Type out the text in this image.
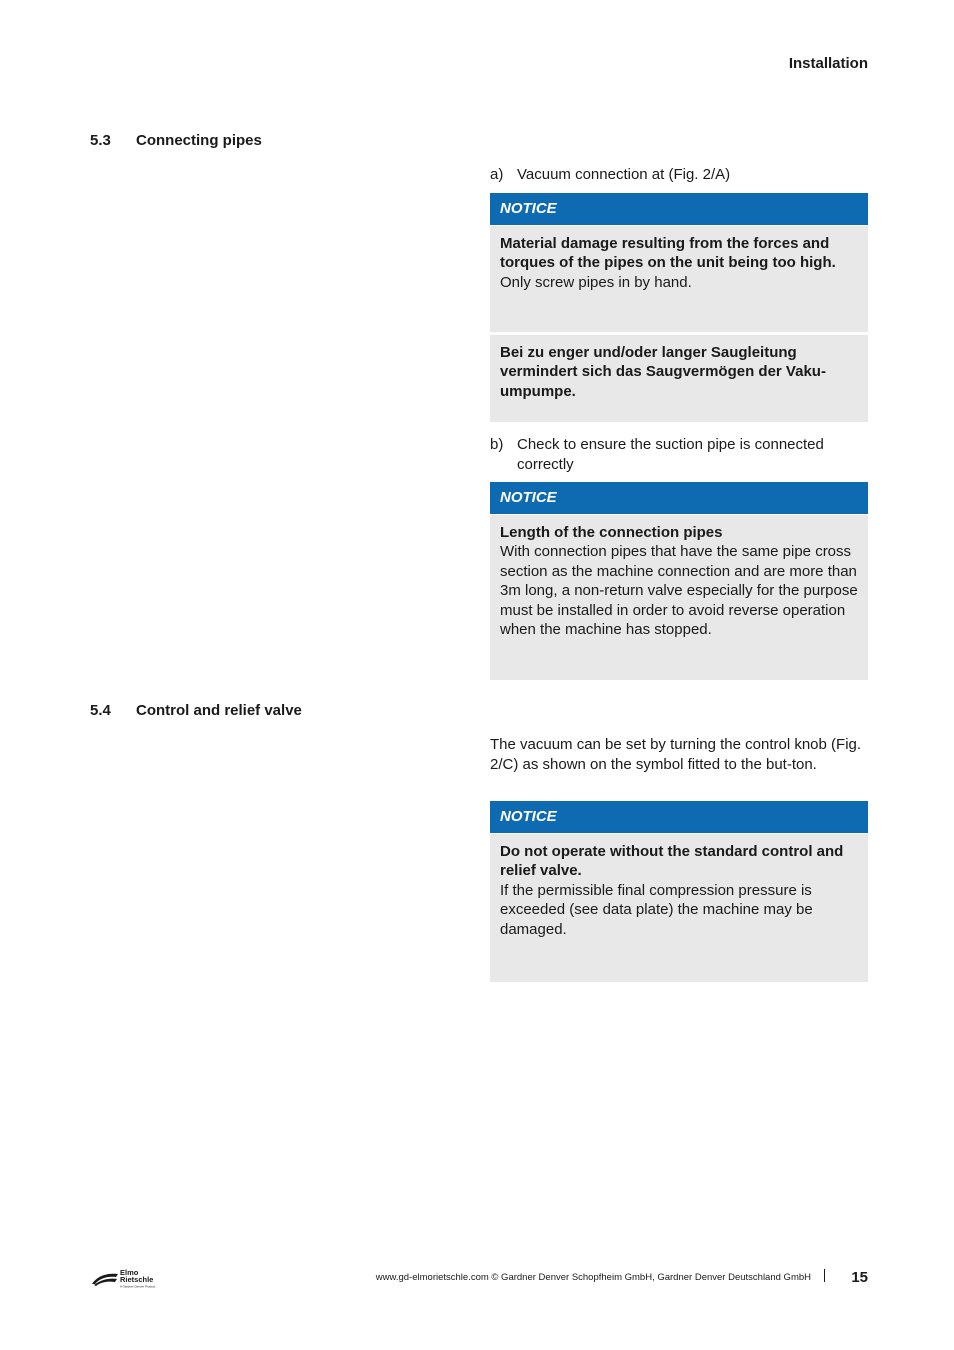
Installation
5.3 Connecting pipes
a) Vacuum connection at (Fig. 2/A)
NOTICE
Material damage resulting from the forces and torques of the pipes on the unit being too high.
Only screw pipes in by hand.
Bei zu enger und/oder langer Saugleitung vermindert sich das Saugvermögen der Vaku-umpumpe.
b) Check to ensure the suction pipe is connected correctly
NOTICE
Length of the connection pipes
With connection pipes that have the same pipe cross section as the machine connection and are more than 3m long, a non-return valve especially for the purpose must be installed in order to avoid reverse operation when the machine has stopped.
5.4 Control and relief valve
The vacuum can be set by turning the control knob (Fig. 2/C) as shown on the symbol fitted to the but-ton.
NOTICE
Do not operate without the standard control and relief valve.
If the permissible final compression pressure is exceeded (see data plate) the machine may be damaged.
Elmo
Rietschle
A Gardner Denver Product
www.gd-elmorietschle.com © Gardner Denver Schopfheim GmbH, Gardner Denver Deutschland GmbH	15
